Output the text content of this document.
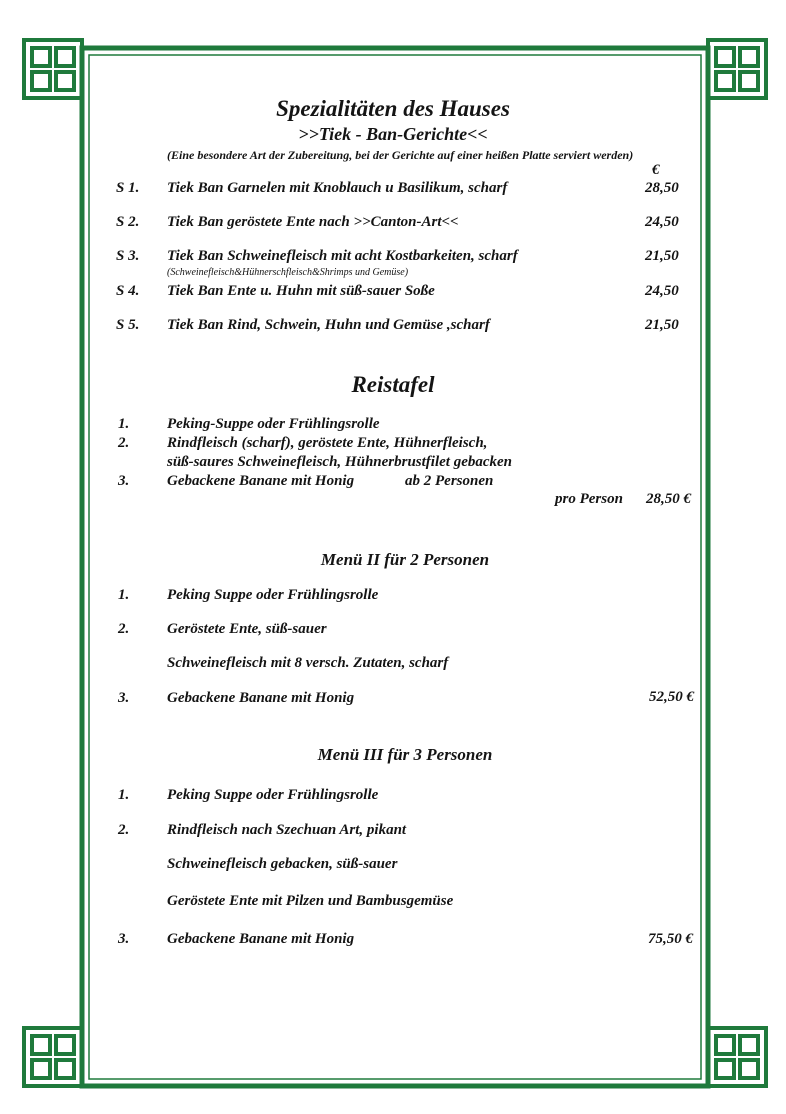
Spezialitäten des Hauses
>>Tiek - Ban-Gerichte<<
(Eine besondere Art der Zubereitung, bei der Gerichte auf einer heißen Platte serviert werden)
€
S 1. Tiek Ban Garnelen mit Knoblauch u Basilikum, scharf	28,50
S 2. Tiek Ban geröstete Ente nach >>Canton-Art<<	24,50
S 3. Tiek Ban Schweinefleisch mit acht Kostbarkeiten, scharf	21,50
(Schweinefleisch&Hühnerschfleisch&Shrimps und Gemüse)
S 4. Tiek Ban Ente u. Huhn mit süß-sauer Soße	24,50
S 5. Tiek Ban Rind, Schwein, Huhn und Gemüse ,scharf	21,50
Reistafel
1.	Peking-Suppe oder Frühlingsrolle
2.	Rindfleisch (scharf), geröstete Ente, Hühnerfleisch,
süß-saures Schweinefleisch, Hühnerbrustfilet gebacken
3.	Gebackene Banane mit Honig	ab 2 Personen
pro Person 28,50 €
Menü II für 2 Personen
1.	Peking Suppe oder Frühlingsrolle
2.	Geröstete Ente, süß-sauer
Schweinefleisch mit 8 versch. Zutaten, scharf
3.	Gebackene Banane mit Honig	52,50 €
Menü III für 3 Personen
1.	Peking Suppe oder Frühlingsrolle
2.	Rindfleisch nach Szechuan Art, pikant
Schweinefleisch gebacken, süß-sauer
Geröstete Ente mit Pilzen und Bambusgemüse
3.	Gebackene Banane mit Honig	75,50 €
